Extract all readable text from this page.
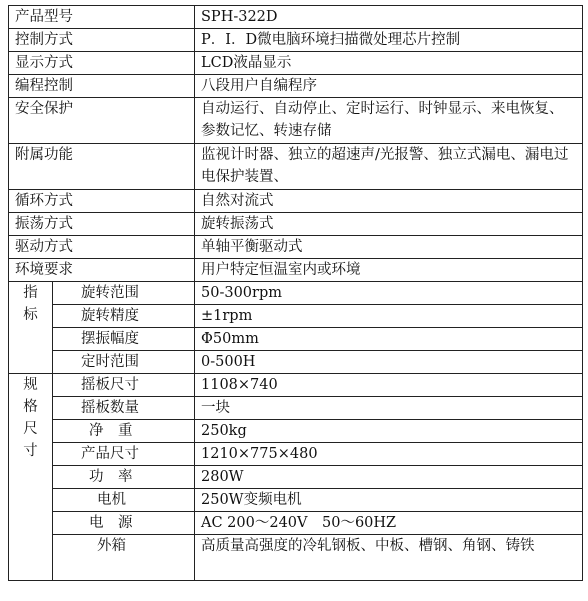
产品型号		SPH-322D
控制方式		P．I．D微电脑环境扫描微处理芯片控制
显示方式		LCD液晶显示
编程控制		八段用户自编程序
安全保护		自动运行、自动停止、定时运行、时钟显示、来电恢复、参数记忆、转速存储
附属功能		监视计时器、独立的超速声/光报警、独立式漏电、漏电过电保护装置、
循环方式		自然对流式
振荡方式		旋转振荡式
驱动方式		单轴平衡驱动式
环境要求		用户特定恒温室内或环境

指
标	旋转范围	50-300rpm
	旋转精度	±1rpm
	摆振幅度	Φ50mm
	定时范围	0-500H

规
格
尺
寸	摇板尺寸	1108×740
	摇板数量	一块
	净　重	250kg
	产品尺寸	1210×775×480
	功　率	280W
	电机	250W变频电机
	电　源	AC 200～240V　50～60HZ
	外箱	高质量高强度的冷轧钢板、中板、槽钢、角钢、铸铁
